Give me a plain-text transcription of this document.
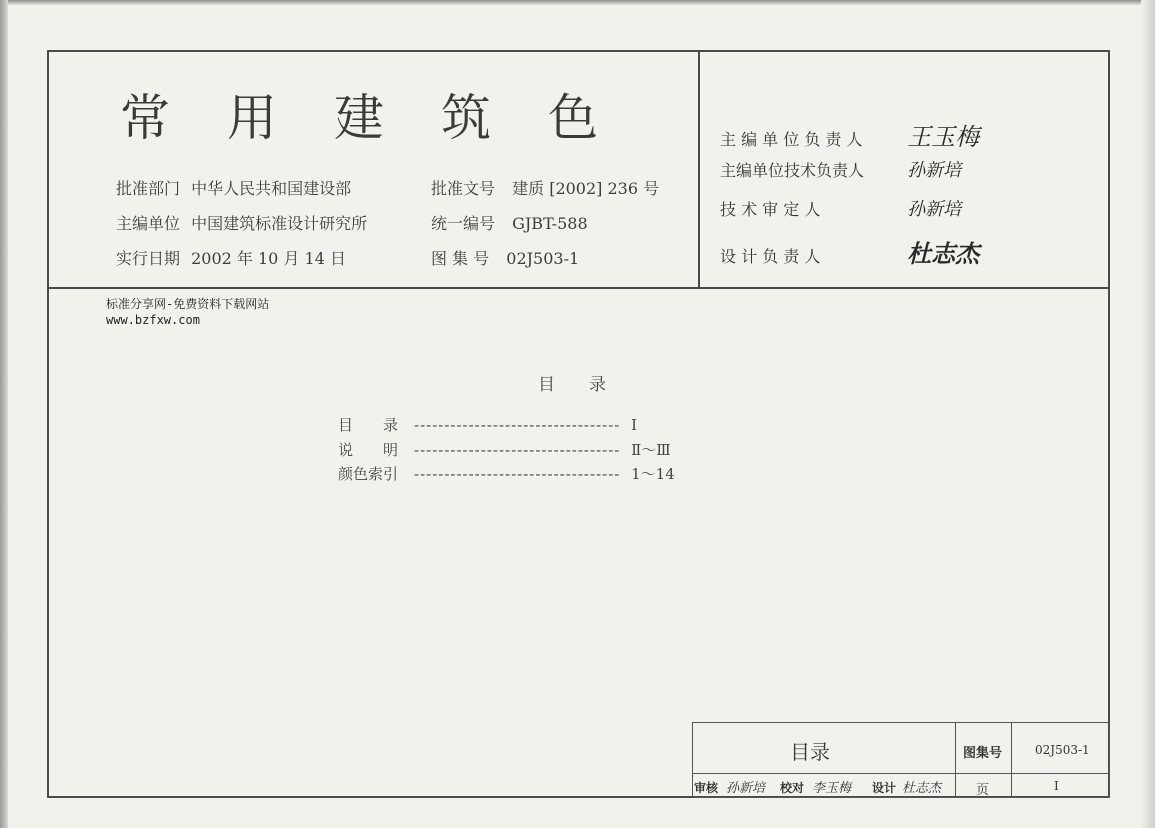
常 用 建 筑 色
批准部门 中华人民共和国建设部	批准文号 建质 [2002] 236 号
主编单位 中国建筑标准设计研究所	统一编号 GJBT-588
实行日期 2002 年 10 月 14 日	图 集 号 02J503-1
主 编 单 位 负 责 人 王玉梅
主编单位技术负责人 孙新培
技 术 审 定 人	孙新培
设 计 负 责 人	杜志杰
标准分享网-免费资料下载网站
www.bzfxw.com
目录
目　　录 ---------------------------------- Ⅰ
说　　明 ---------------------------------- Ⅱ～Ⅲ
颜色索引 ---------------------------------- 1～14
目录	图集号	02J503-1
审核 孙新培 校对 李玉梅 设计 杜志杰	页	Ⅰ
